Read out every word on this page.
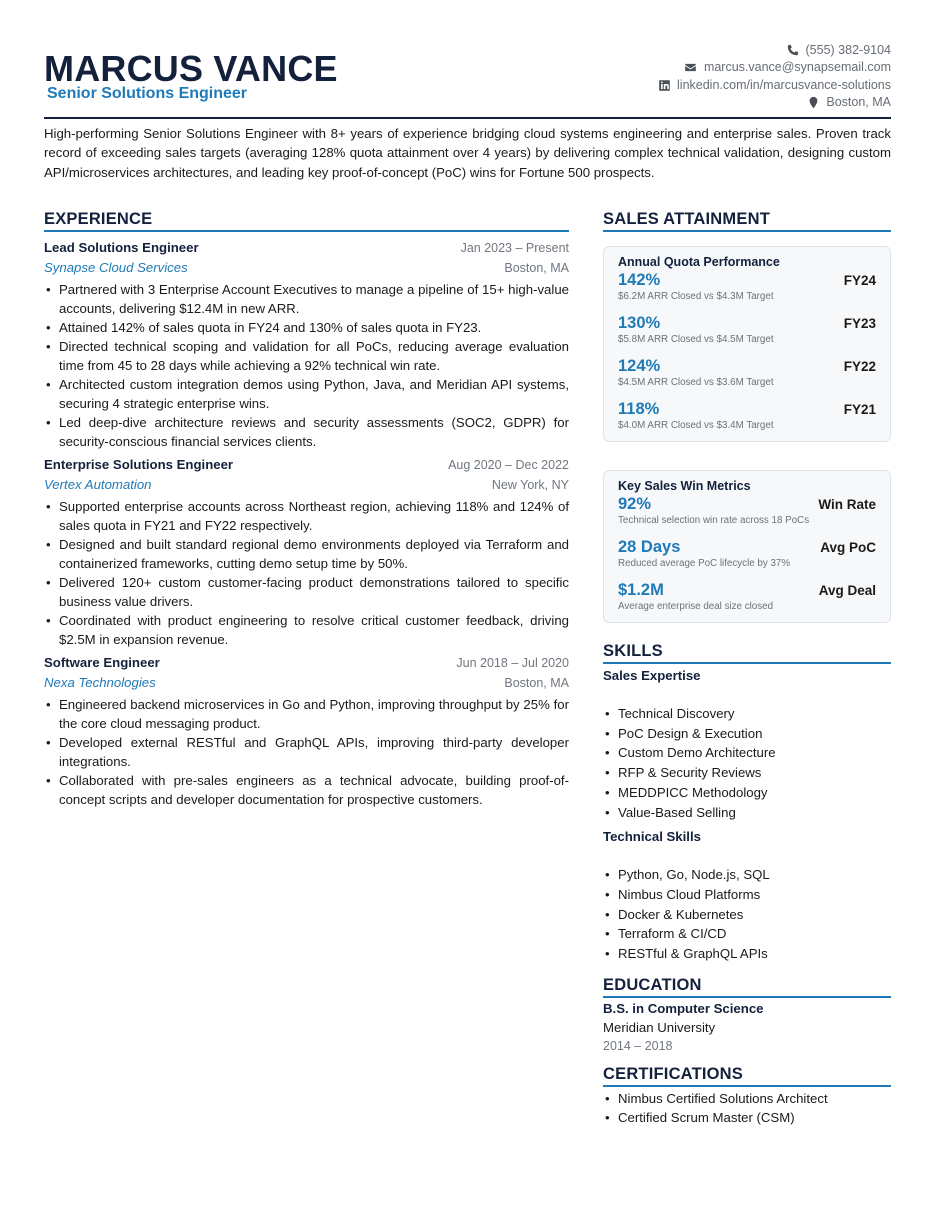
MARCUS VANCE
Senior Solutions Engineer
(555) 382-9104
marcus.vance@synapsemail.com
linkedin.com/in/marcusvance-solutions
Boston, MA

High-performing Senior Solutions Engineer with 8+ years of experience bridging cloud systems engineering and enterprise sales. Proven track record of exceeding sales targets (averaging 128% quota attainment over 4 years) by delivering complex technical validation, designing custom API/microservices architectures, and leading key proof-of-concept (PoC) wins for Fortune 500 prospects.

EXPERIENCE
Lead Solutions Engineer	Jan 2023 – Present
Synapse Cloud Services	Boston, MA
• Partnered with 3 Enterprise Account Executives to manage a pipeline of 15+ high-value accounts, delivering $12.4M in new ARR.
• Attained 142% of sales quota in FY24 and 130% of sales quota in FY23.
• Directed technical scoping and validation for all PoCs, reducing average evaluation time from 45 to 28 days while achieving a 92% technical win rate.
• Architected custom integration demos using Python, Java, and Meridian API systems, securing 4 strategic enterprise wins.
• Led deep-dive architecture reviews and security assessments (SOC2, GDPR) for security-conscious financial services clients.
Enterprise Solutions Engineer	Aug 2020 – Dec 2022
Vertex Automation	New York, NY
• Supported enterprise accounts across Northeast region, achieving 118% and 124% of sales quota in FY21 and FY22 respectively.
• Designed and built standard regional demo environments deployed via Terraform and containerized frameworks, cutting demo setup time by 50%.
• Delivered 120+ custom customer-facing product demonstrations tailored to specific business value drivers.
• Coordinated with product engineering to resolve critical customer feedback, driving $2.5M in expansion revenue.
Software Engineer	Jun 2018 – Jul 2020
Nexa Technologies	Boston, MA
• Engineered backend microservices in Go and Python, improving throughput by 25% for the core cloud messaging product.
• Developed external RESTful and GraphQL APIs, improving third-party developer integrations.
• Collaborated with pre-sales engineers as a technical advocate, building proof-of-concept scripts and developer documentation for prospective customers.
SALES ATTAINMENT
Annual Quota Performance
142%	FY24
$6.2M ARR Closed vs $4.3M Target
130%	FY23
$5.8M ARR Closed vs $4.5M Target
124%	FY22
$4.5M ARR Closed vs $3.6M Target
118%	FY21
$4.0M ARR Closed vs $3.4M Target
Key Sales Win Metrics
92%	Win Rate
Technical selection win rate across 18 PoCs
28 Days	Avg PoC
Reduced average PoC lifecycle by 37%
$1.2M	Avg Deal
Average enterprise deal size closed
SKILLS
Sales Expertise
• Technical Discovery
• PoC Design & Execution
• Custom Demo Architecture
• RFP & Security Reviews
• MEDDPICC Methodology
• Value-Based Selling
Technical Skills
• Python, Go, Node.js, SQL
• Nimbus Cloud Platforms
• Docker & Kubernetes
• Terraform & CI/CD
• RESTful & GraphQL APIs
EDUCATION
B.S. in Computer Science
Meridian University
2014 – 2018
CERTIFICATIONS
• Nimbus Certified Solutions Architect
• Certified Scrum Master (CSM)
